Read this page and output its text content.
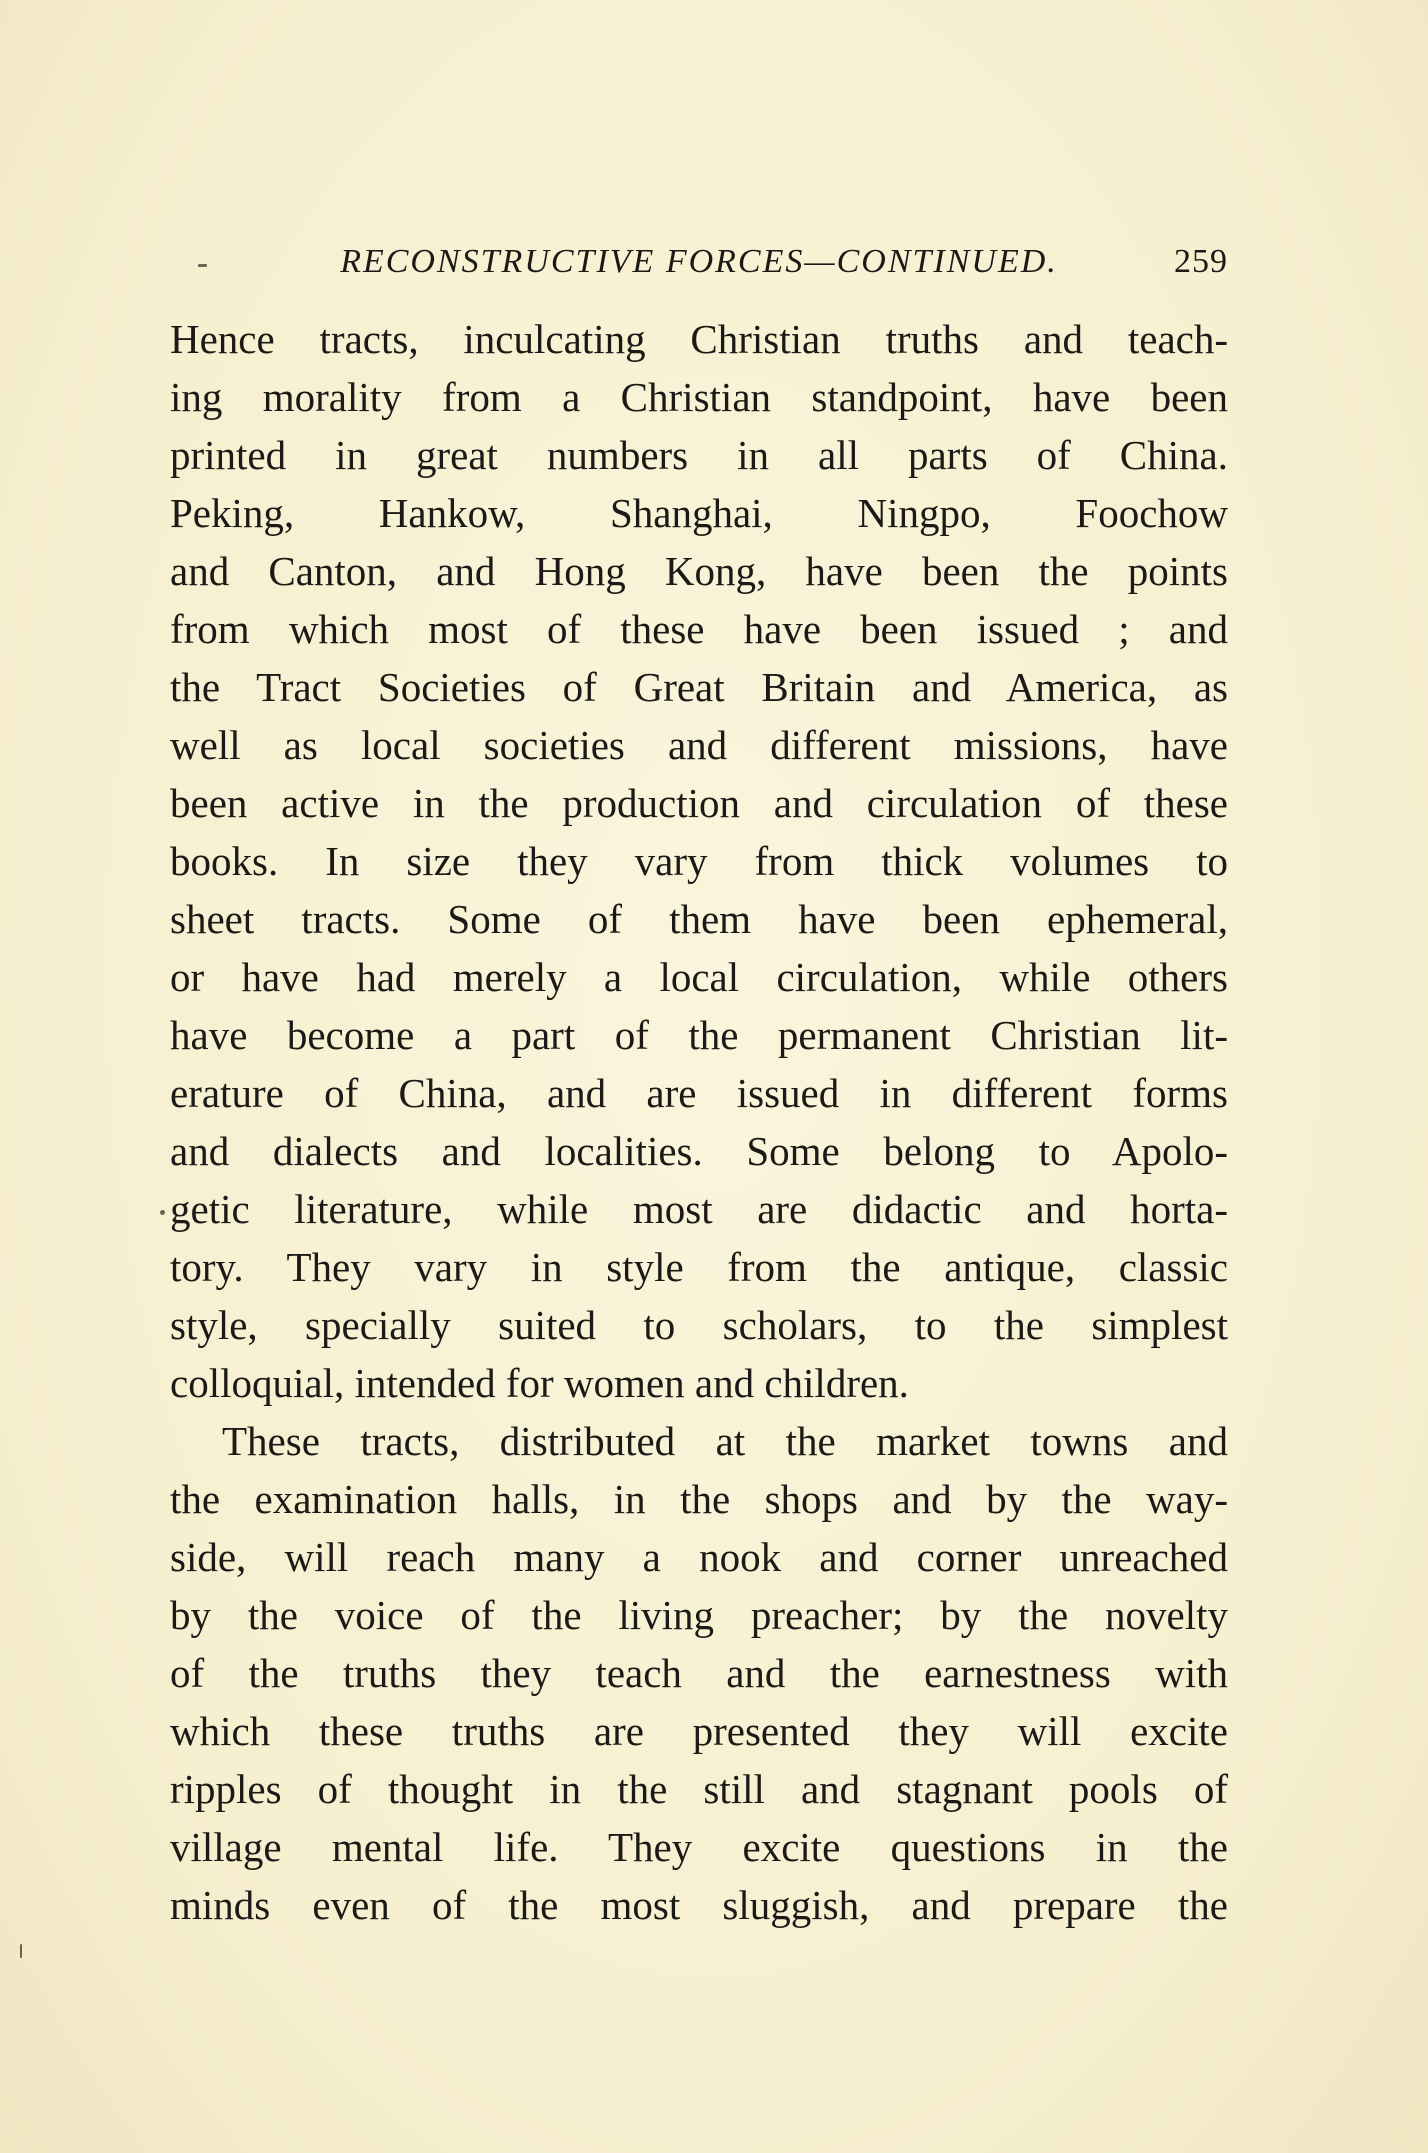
RECONSTRUCTIVE FORCES—CONTINUED.	259
Hence tracts, inculcating Christian truths and teach-
ing morality from a Christian standpoint, have been
printed in great numbers in all parts of China.
Peking, Hankow, Shanghai, Ningpo, Foochow
and Canton, and Hong Kong, have been the points
from which most of these have been issued ; and
the Tract Societies of Great Britain and America, as
well as local societies and different missions, have
been active in the production and circulation of these
books. In size they vary from thick volumes to
sheet tracts. Some of them have been ephemeral,
or have had merely a local circulation, while others
have become a part of the permanent Christian lit-
erature of China, and are issued in different forms
and dialects and localities. Some belong to Apolo-
getic literature, while most are didactic and horta-
tory. They vary in style from the antique, classic
style, specially suited to scholars, to the simplest
colloquial, intended for women and children.
These tracts, distributed at the market towns and
the examination halls, in the shops and by the way-
side, will reach many a nook and corner unreached
by the voice of the living preacher; by the novelty
of the truths they teach and the earnestness with
which these truths are presented they will excite
ripples of thought in the still and stagnant pools of
village mental life. They excite questions in the
minds even of the most sluggish, and prepare the
